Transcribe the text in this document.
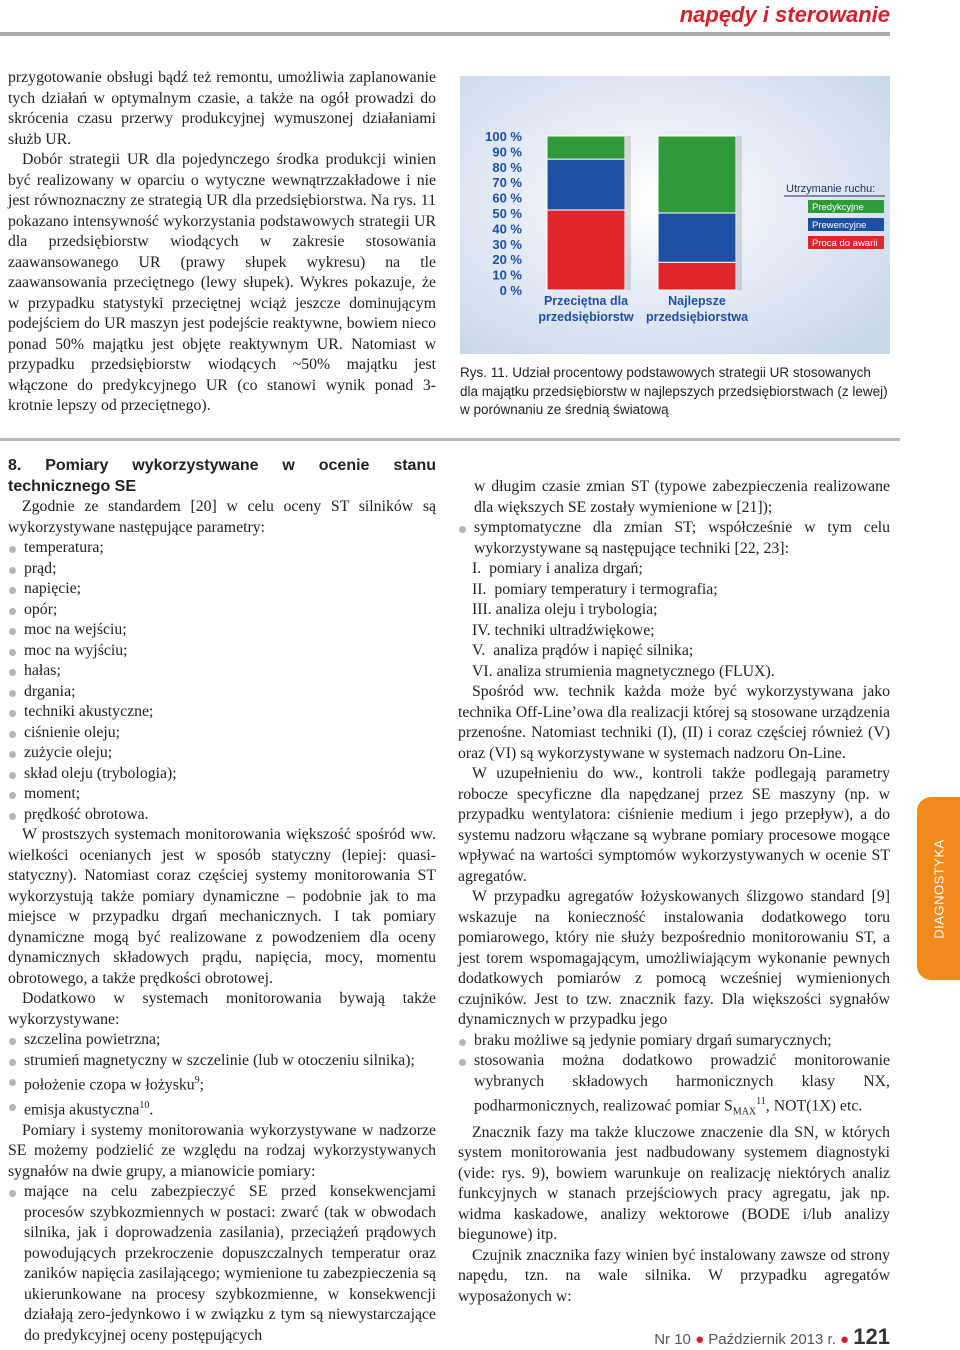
napędy i sterowanie

przygotowanie obsługi bądź też remontu, umożliwia zaplanowanie tych działań w optymalnym czasie, a także na ogół prowadzi do skrócenia czasu przerwy produkcyjnej wymuszonej działaniami służb UR.

Dobór strategii UR dla pojedynczego środka produkcji winien być realizowany w oparciu o wytyczne wewnątrzzakładowe i nie jest równoznaczny ze strategią UR dla przedsiębiorstwa. Na rys. 11 pokazano intensywność wykorzystania podstawowych strategii UR dla przedsiębiorstw wiodących w zakresie stosowania zaawansowanego UR (prawy słupek wykresu) na tle zaawansowania przeciętnego (lewy słupek). Wykres pokazuje, że w przypadku statystyki przeciętnej wciąż jeszcze dominującym podejściem do UR maszyn jest podejście reaktywne, bowiem nieco ponad 50% majątku jest objęte reaktywnym UR. Natomiast w przypadku przedsiębiorstw wiodących ~50% majątku jest włączone do predykcyjnego UR (co stanowi wynik ponad 3-krotnie lepszy od przeciętnego).

0 %
10 %
20 %
30 %
40 %
50 %
60 %
70 %
80 %
90 %
100 %
Przeciętna dla
przedsiębiorstw
Najlepsze
przedsiębiorstwa
Utrzymanie ruchu:
Predykcyjne
Prewencyjne
Proca do awarii
Rys. 11. Udział procentowy podstawowych strategii UR stosowanych dla majątku przedsiębiorstw w najlepszych przedsiębiorstwach (z lewej) w porównaniu ze średnią światową
8. Pomiary wykorzystywane w ocenie stanu technicznego SE

Zgodnie ze standardem [20] w celu oceny ST silników są wykorzystywane następujące parametry:

temperatura;
prąd;
napięcie;
opór;
moc na wejściu;
moc na wyjściu;
hałas;
drgania;
techniki akustyczne;
ciśnienie oleju;
zużycie oleju;
skład oleju (trybologia);
moment;
prędkość obrotowa.

W prostszych systemach monitorowania większość spośród ww. wielkości ocenianych jest w sposób statyczny (lepiej: quasi-statyczny). Natomiast coraz częściej systemy monitorowania ST wykorzystują także pomiary dynamiczne – podobnie jak to ma miejsce w przypadku drgań mechanicznych. I tak pomiary dynamiczne mogą być realizowane z powodzeniem dla oceny dynamicznych składowych prądu, napięcia, mocy, momentu obrotowego, a także prędkości obrotowej.

Dodatkowo w systemach monitorowania bywają także wykorzystywane:

szczelina powietrzna;
strumień magnetyczny w szczelinie (lub w otoczeniu silnika);
położenie czopa w łożysku$^9$;
emisja akustyczna$^{10}$.

Pomiary i systemy monitorowania wykorzystywane w nadzorze SE możemy podzielić ze względu na rodzaj wykorzystywanych sygnałów na dwie grupy, a mianowicie pomiary:

mające na celu zabezpieczyć SE przed konsekwencjami procesów szybkozmiennych w postaci: zwarć (tak w obwodach silnika, jak i doprowadzenia zasilania), przeciążeń prądowych powodujących przekroczenie dopuszczalnych temperatur oraz zaników napięcia zasilającego; wymienione tu zabezpieczenia są ukierunkowane na procesy szybkozmienne, w konsekwencji działają zero-jedynkowo i w związku z tym są niewystarczające do predykcyjnej oceny postępujących

w długim czasie zmian ST (typowe zabezpieczenia realizowane dla większych SE zostały wymienione w [21]);

symptomatyczne dla zmian ST; współcześnie w tym celu wykorzystywane są następujące techniki [22, 23]:
I.  pomiary i analiza drgań;
II.  pomiary temperatury i termografia;
III. analiza oleju i trybologia;
IV. techniki ultradźwiękowe;
V.  analiza prądów i napięć silnika;
VI. analiza strumienia magnetycznego (FLUX).

Spośród ww. technik każda może być wykorzystywana jako technika Off-Line’owa dla realizacji której są stosowane urządzenia przenośne. Natomiast techniki (I), (II) i coraz częściej również (V) oraz (VI) są wykorzystywane w systemach nadzoru On-Line.

W uzupełnieniu do ww., kontroli także podlegają parametry robocze specyficzne dla napędzanej przez SE maszyny (np. w przypadku wentylatora: ciśnienie medium i jego przepływ), a do systemu nadzoru włączane są wybrane pomiary procesowe mogące wpływać na wartości symptomów wykorzystywanych w ocenie ST agregatów.

W przypadku agregatów łożyskowanych ślizgowo standard [9] wskazuje na konieczność instalowania dodatkowego toru pomiarowego, który nie służy bezpośrednio monitorowaniu ST, a jest torem wspomagającym, umożliwiającym wykonanie pewnych dodatkowych pomiarów z pomocą wcześniej wymienionych czujników. Jest to tzw. znacznik fazy. Dla większości sygnałów dynamicznych w przypadku jego

braku możliwe są jedynie pomiary drgań sumarycznych;
stosowania można dodatkowo prowadzić monitorowanie wybranych składowych harmonicznych klasy NX, podharmonicznych, realizować pomiar $S_{MAX}^{11}$, NOT(1X) etc.

Znacznik fazy ma także kluczowe znaczenie dla SN, w których system monitorowania jest nadbudowany systemem diagnostyki (vide: rys. 9), bowiem warunkuje on realizację niektórych analiz funkcyjnych w stanach przejściowych pracy agregatu, jak np. widma kaskadowe, analizy wektorowe (BODE i/lub analizy biegunowe) itp.

Czujnik znacznika fazy winien być instalowany zawsze od strony napędu, tzn. na wale silnika. W przypadku agregatów wyposażonych w:

DIAGNOSTYKA
Nr 10 ● Październik 2013 r. ● 121
